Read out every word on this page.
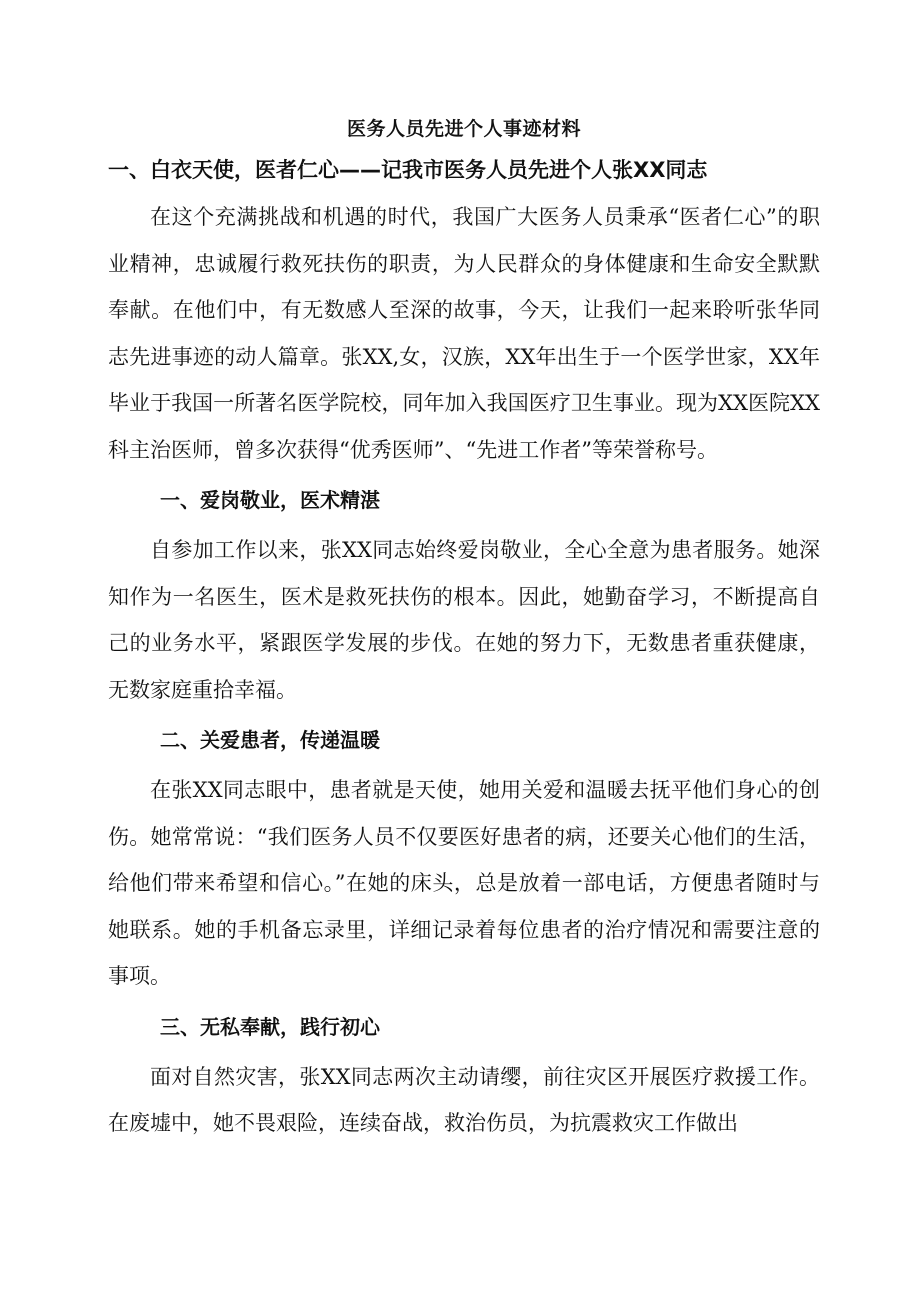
医务人员先进个人事迹材料
一、白衣天使，医者仁心——记我市医务人员先进个人张XX同志

在这个充满挑战和机遇的时代，我国广大医务人员秉承“医者仁心”的职业精神，忠诚履行救死扶伤的职责，为人民群众的身体健康和生命安全默默奉献。在他们中，有无数感人至深的故事，今天，让我们一起来聆听张华同志先进事迹的动人篇章。张XX,女，汉族，XX年出生于一个医学世家，XX年毕业于我国一所著名医学院校，同年加入我国医疗卫生事业。现为XX医院XX科主治医师，曾多次获得“优秀医师”、“先进工作者”等荣誉称号。

一、爱岗敬业，医术精湛

自参加工作以来，张XX同志始终爱岗敬业，全心全意为患者服务。她深知作为一名医生，医术是救死扶伤的根本。因此，她勤奋学习，不断提高自己的业务水平，紧跟医学发展的步伐。在她的努力下，无数患者重获健康，无数家庭重拾幸福。

二、关爱患者，传递温暖

在张XX同志眼中，患者就是天使，她用关爱和温暖去抚平他们身心的创伤。她常常说：“我们医务人员不仅要医好患者的病，还要关心他们的生活，给他们带来希望和信心。”在她的床头，总是放着一部电话，方便患者随时与她联系。她的手机备忘录里，详细记录着每位患者的治疗情况和需要注意的事项。

三、无私奉献，践行初心

面对自然灾害，张XX同志两次主动请缨，前往灾区开展医疗救援工作。在废墟中，她不畏艰险，连续奋战，救治伤员，为抗震救灾工作做出
